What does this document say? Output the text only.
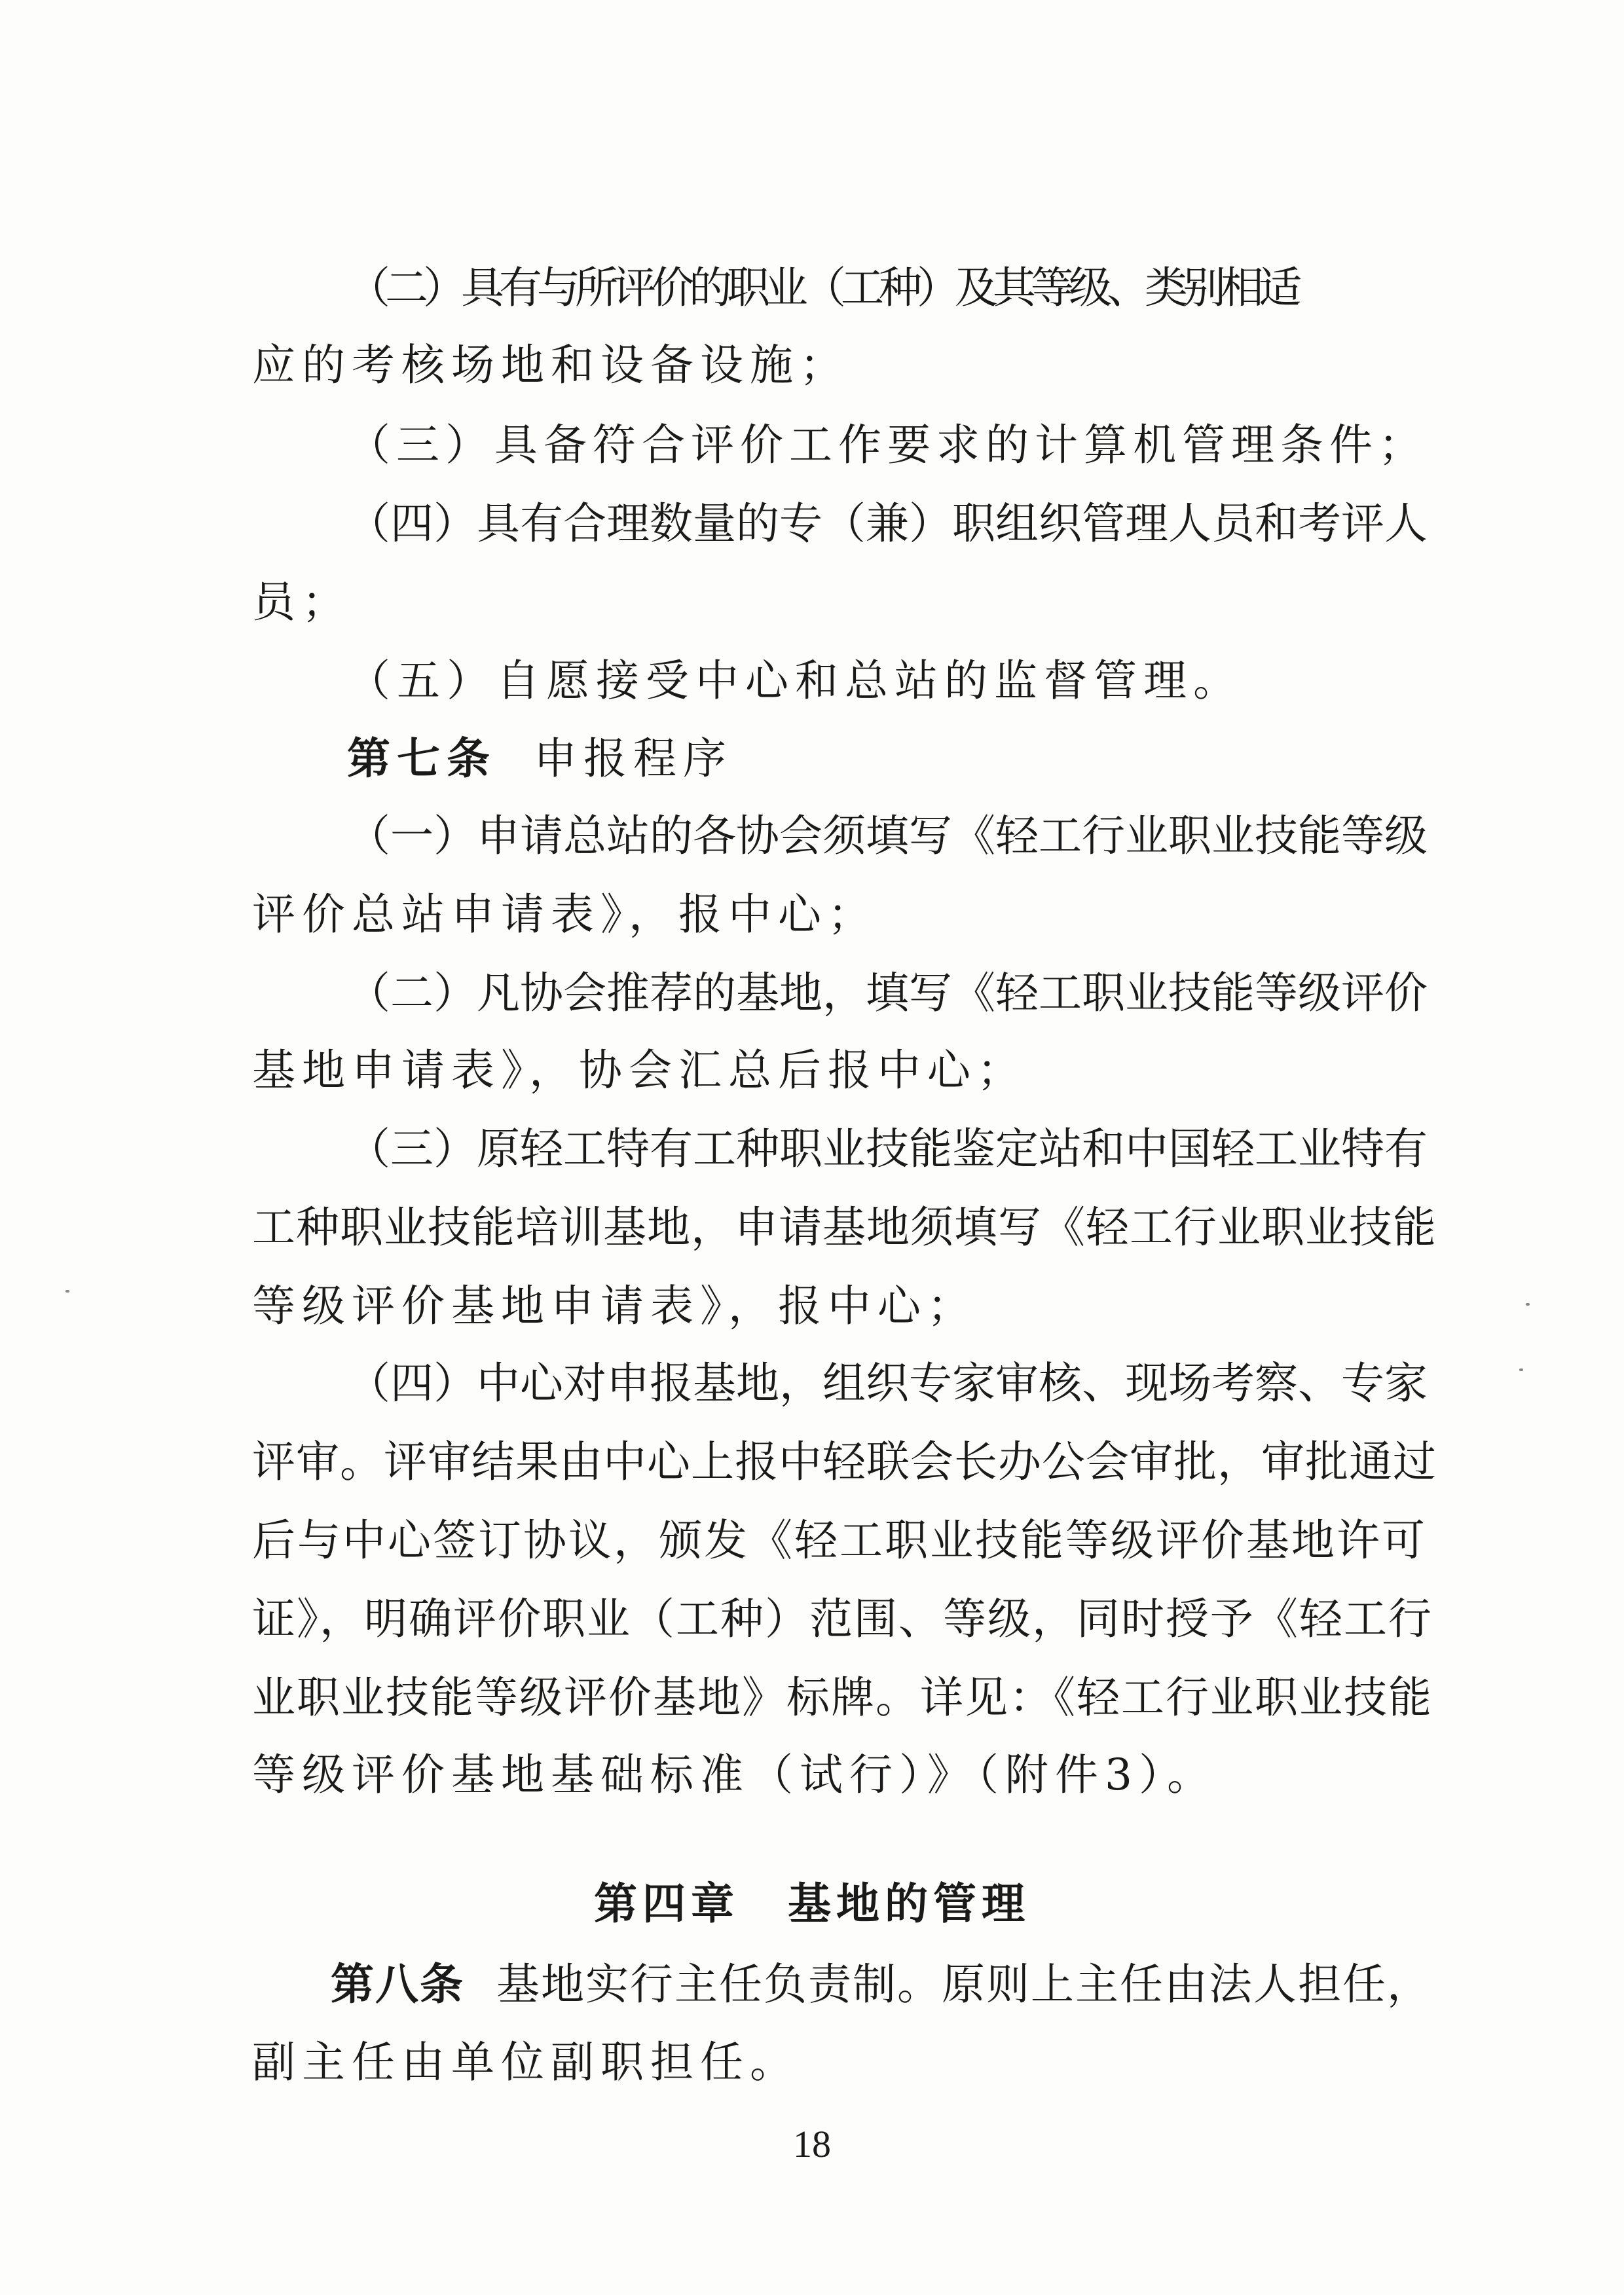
（二）具有与所评价的职业（工种）及其等级、类别相适
应的考核场地和设备设施；
（三）具备符合评价工作要求的计算机管理条件；
（四）具有合理数量的专（兼）职组织管理人员和考评人
员；
（五）自愿接受中心和总站的监督管理。
第七条 申报程序
（一）申请总站的各协会须填写《轻工行业职业技能等级
评价总站申请表》，报中心；
（二）凡协会推荐的基地，填写《轻工职业技能等级评价
基地申请表》，协会汇总后报中心；
（三）原轻工特有工种职业技能鉴定站和中国轻工业特有
工种职业技能培训基地，申请基地须填写《轻工行业职业技能
等级评价基地申请表》，报中心；
（四）中心对申报基地，组织专家审核、现场考察、专家
评审。评审结果由中心上报中轻联会长办公会审批，审批通过
后与中心签订协议，颁发《轻工职业技能等级评价基地许可
证》，明确评价职业（工种）范围、等级，同时授予《轻工行
业职业技能等级评价基地》标牌。详见：《轻工行业职业技能
等级评价基地基础标准（试行）》（附件3）。
第四章　基地的管理
第八条 基地实行主任负责制。原则上主任由法人担任，
副主任由单位副职担任。
18
